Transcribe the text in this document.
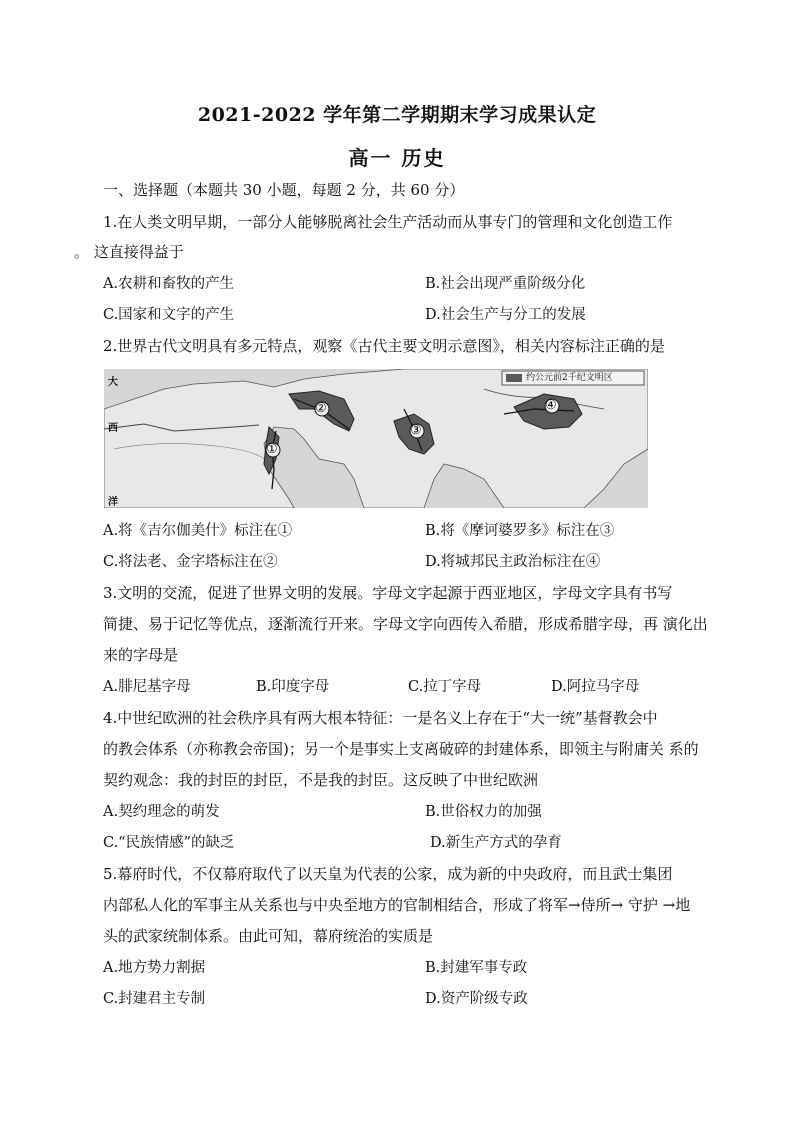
2021-2022 学年第二学期期末学习成果认定
高一 历史
一、选择题（本题共 30 小题，每题 2 分，共 60 分）
1.在人类文明早期，一部分人能够脱离社会生产活动而从事专门的管理和文化创造工作
。 这直接得益于
A.农耕和畜牧的产生	B.社会出现严重阶级分化
C.国家和文字的产生	D.社会生产与分工的发展
2.世界古代文明具有多元特点，观察《古代主要文明示意图》，相关内容标注正确的是
①
②
③
④
约公元前2千纪文明区
大
西
洋
A.将《吉尔伽美什》标注在①	B.将《摩诃婆罗多》标注在③
C.将法老、金字塔标注在②	D.将城邦民主政治标注在④
3.文明的交流，促进了世界文明的发展。字母文字起源于西亚地区，字母文字具有书写
简捷、易于记忆等优点，逐渐流行开来。字母文字向西传入希腊，形成希腊字母，再 演化出
来的字母是
A.腓尼基字母	B.印度字母	C.拉丁字母	D.阿拉马字母
4.中世纪欧洲的社会秩序具有两大根本特征：一是名义上存在于“大一统”基督教会中
的教会体系（亦称教会帝国)；另一个是事实上支离破碎的封建体系，即领主与附庸关 系的
契约观念：我的封臣的封臣，不是我的封臣。这反映了中世纪欧洲
A.契约理念的萌发	B.世俗权力的加强
C.“民族情感”的缺乏	D.新生产方式的孕育
5.幕府时代，不仅幕府取代了以天皇为代表的公家，成为新的中央政府，而且武士集团
内部私人化的军事主从关系也与中央至地方的官制相结合，形成了将军→侍所→ 守护 →地
头的武家统制体系。由此可知，幕府统治的实质是
A.地方势力割据	B.封建军事专政
C.封建君主专制	D.资产阶级专政
